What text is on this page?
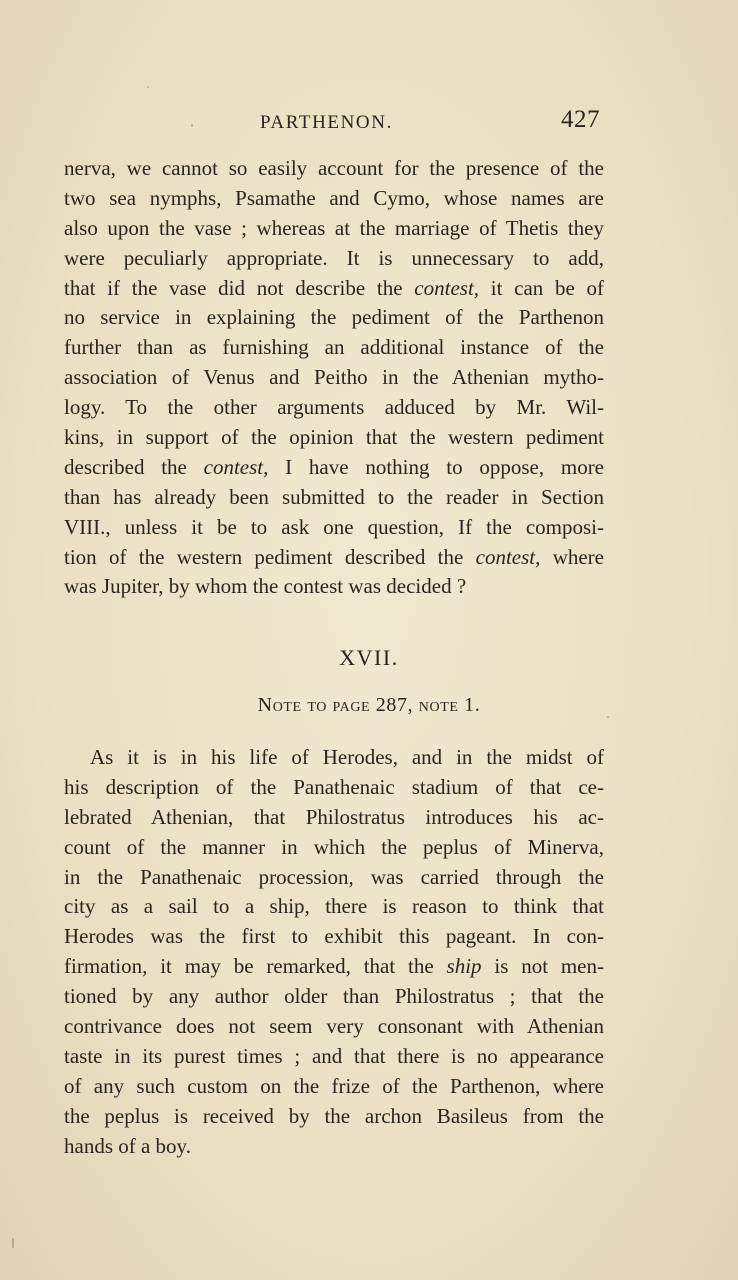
PARTHENON.	427
nerva, we cannot so easily account for the presence of the
two sea nymphs, Psamathe and Cymo, whose names are
also upon the vase ; whereas at the marriage of Thetis they
were peculiarly appropriate. It is unnecessary to add,
that if the vase did not describe the contest, it can be of
no service in explaining the pediment of the Parthenon
further than as furnishing an additional instance of the
association of Venus and Peitho in the Athenian mytho-
logy. To the other arguments adduced by Mr. Wil-
kins, in support of the opinion that the western pediment
described the contest, I have nothing to oppose, more
than has already been submitted to the reader in Section
VIII., unless it be to ask one question, If the composi-
tion of the western pediment described the contest, where
was Jupiter, by whom the contest was decided ?
XVII.
Note to page 287, note 1.
As it is in his life of Herodes, and in the midst of
his description of the Panathenaic stadium of that ce-
lebrated Athenian, that Philostratus introduces his ac-
count of the manner in which the peplus of Minerva,
in the Panathenaic procession, was carried through the
city as a sail to a ship, there is reason to think that
Herodes was the first to exhibit this pageant. In con-
firmation, it may be remarked, that the ship is not men-
tioned by any author older than Philostratus ; that the
contrivance does not seem very consonant with Athenian
taste in its purest times ; and that there is no appearance
of any such custom on the frize of the Parthenon, where
the peplus is received by the archon Basileus from the
hands of a boy.
